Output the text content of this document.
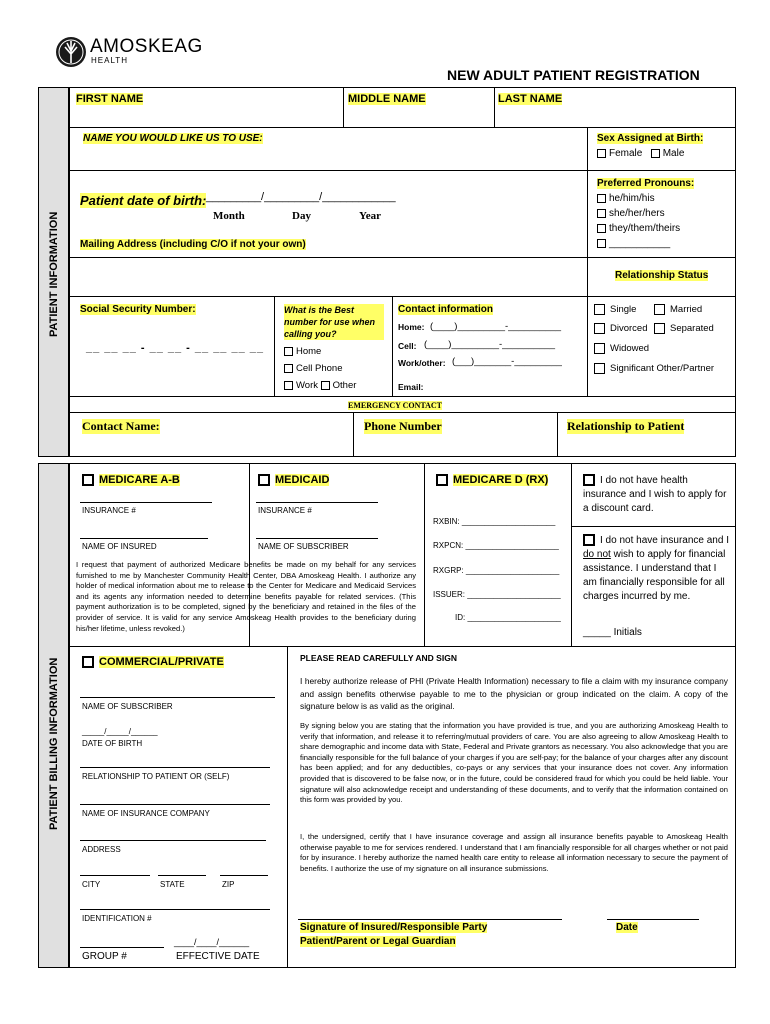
AMOSKEAG
HEALTH
NEW ADULT PATIENT REGISTRATION
PATIENT INFORMATION
PATIENT BILLING INFORMATION
FIRST NAME	MIDDLE NAME	LAST NAME
NAME YOU WOULD LIKE US TO USE:	Sex Assigned at Birth:
Female Male
Patient date of birth: _________/_________/____________
Month	Day	Year
Preferred Pronouns:
he/him/his
she/her/hers
they/them/theirs
___________
Mailing Address (including C/O if not your own)
Relationship Status
Social Security Number:
__ __ __ - __ __ - __ __ __ __
What is the Best number for use when calling you?
Home
Cell Phone
Work Other
Contact information
Home: (____)_________-__________
Cell: (____)_________-__________
Work/other: (___)_______-_________
Email:
Single	Married
Divorced	Separated
Widowed
Significant Other/Partner
EMERGENCY CONTACT
Contact Name:	Phone Number	Relationship to Patient
MEDICARE A-B
INSURANCE #
NAME OF INSURED
MEDICAID
INSURANCE #
NAME OF SUBSCRIBER
MEDICARE D (RX)
RXBIN: _____________________
RXPCN: _____________________
RXGRP: _____________________
ISSUER: _____________________
ID: _____________________
I do not have health insurance and I wish to apply for a discount card.
I do not have insurance and I do not wish to apply for financial assistance. I understand that I am financially responsible for all charges incurred by me.
_____ Initials
I request that payment of authorized Medicare benefits be made on my behalf for any services furnished to me by Manchester Community Health Center, DBA Amoskeag Health. I authorize any holder of medical information about me to release to the Center for Medicare and Medicaid Services and its agents any information needed to determine benefits payable for related services. (This payment authorization is to be completed, signed by the beneficiary and retained in the files of the provider of service. It is valid for any service Amoskeag Health provides to the beneficiary during his/her lifetime, unless revoked.)
COMMERCIAL/PRIVATE
NAME OF SUBSCRIBER
_____/_____/______
DATE OF BIRTH
RELATIONSHIP TO PATIENT OR (SELF)
NAME OF INSURANCE COMPANY
ADDRESS
CITY	STATE	ZIP
IDENTIFICATION #
____/____/______
GROUP #	EFFECTIVE DATE
PLEASE READ CAREFULLY AND SIGN
I hereby authorize release of PHI (Private Health Information) necessary to file a claim with my insurance company and assign benefits otherwise payable to me to the physician or group indicated on the claim. A copy of the signature below is as valid as the original.
By signing below you are stating that the information you have provided is true, and you are authorizing Amoskeag Health to verify that information, and release it to referring/mutual providers of care. You are also agreeing to allow Amoskeag Health to share demographic and income data with State, Federal and Private grantors as necessary. You also acknowledge that you are financially responsible for the full balance of your charges if you are self-pay; for the balance of your charges after any discount has been applied; and for any deductibles, co-pays or any services that your insurance does not cover. Any information provided that is discovered to be false now, or in the future, could be considered fraud for which you could be held liable. Your signature will also acknowledge receipt and understanding of these documents, and to verify that the information contained on this form was provided by you.
I, the undersigned, certify that I have insurance coverage and assign all insurance benefits payable to Amoskeag Health otherwise payable to me for services rendered. I understand that I am financially responsible for all charges whether or not paid for by insurance. I hereby authorize the named health care entity to release all information necessary to secure the payment of benefits. I authorize the use of my signature on all insurance submissions.
Signature of Insured/Responsible Party
Patient/Parent or Legal Guardian
Date
